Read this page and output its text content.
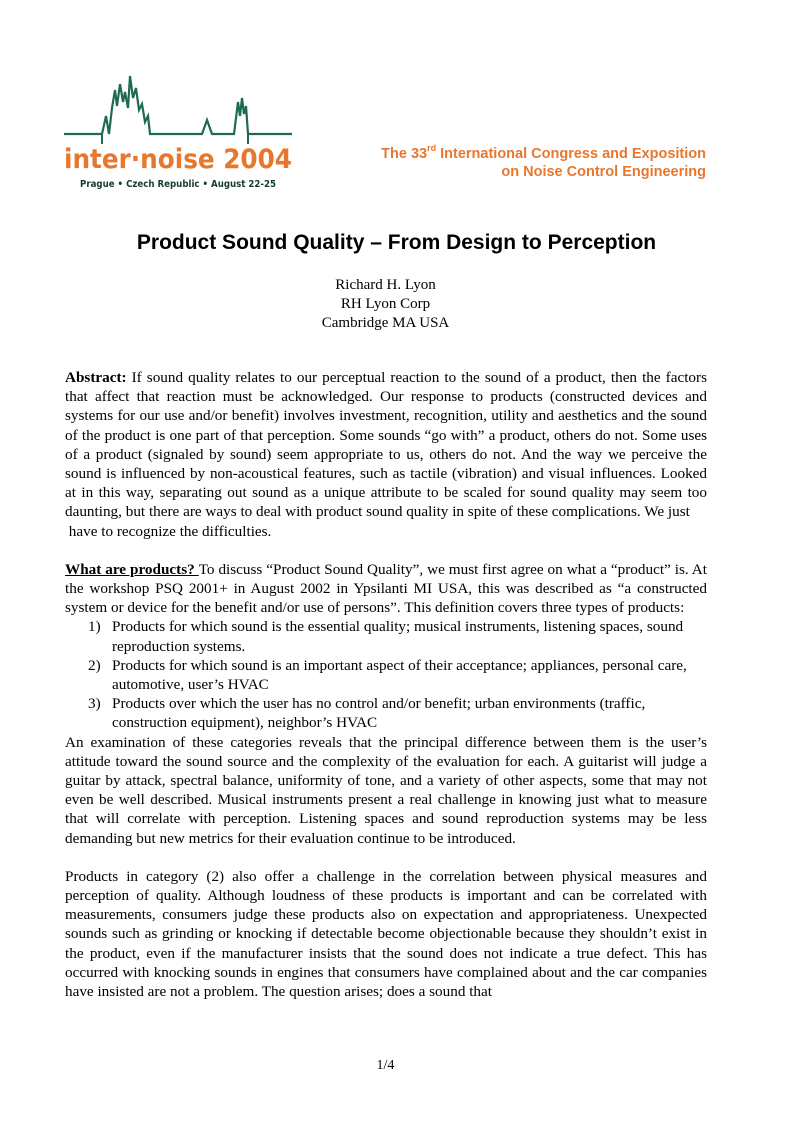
inter·noise 2004
Prague • Czech Republic • August 22-25
The 33rd International Congress and Exposition
on Noise Control Engineering
Product Sound Quality – From Design to Perception
Richard H. Lyon
RH Lyon Corp
Cambridge MA USA

Abstract: If sound quality relates to our perceptual reaction to the sound of a product, then the factors that affect that reaction must be acknowledged. Our response to products (constructed devices and systems for our use and/or benefit) involves investment, recognition, utility and aesthetics and the sound of the product is one part of that perception. Some sounds “go with” a product, others do not. Some uses of a product (signaled by sound) seem appropriate to us, others do not. And the way we perceive the sound is influenced by non-acoustical features, such as tactile (vibration) and visual influences. Looked at in this way, separating out sound as a unique attribute to be scaled for sound quality may seem too daunting, but there are ways to deal with product sound quality in spite of these complications. We just

have to recognize the difficulties.

What are products? To discuss “Product Sound Quality”, we must first agree on what a “product” is. At the workshop PSQ 2001+ in August 2002 in Ypsilanti MI USA, this was described as “a constructed system or device for the benefit and/or use of persons”. This definition covers three types of products:

1) Products for which sound is the essential quality; musical instruments, listening spaces, sound reproduction systems.
2) Products for which sound is an important aspect of their acceptance; appliances, personal care, automotive, user’s HVAC
3) Products over which the user has no control and/or benefit; urban environments (traffic, construction equipment), neighbor’s HVAC

An examination of these categories reveals that the principal difference between them is the user’s attitude toward the sound source and the complexity of the evaluation for each. A guitarist will judge a guitar by attack, spectral balance, uniformity of tone, and a variety of other aspects, some that may not even be well described. Musical instruments present a real challenge in knowing just what to measure that will correlate with perception. Listening spaces and sound reproduction systems may be less demanding but new metrics for their evaluation continue to be introduced.

Products in category (2) also offer a challenge in the correlation between physical measures and perception of quality. Although loudness of these products is important and can be correlated with measurements, consumers judge these products also on expectation and appropriateness. Unexpected sounds such as grinding or knocking if detectable become objectionable because they shouldn’t exist in the product, even if the manufacturer insists that the sound does not indicate a true defect. This has occurred with knocking sounds in engines that consumers have complained about and the car companies have insisted are not a problem. The question arises; does a sound that

1/4
